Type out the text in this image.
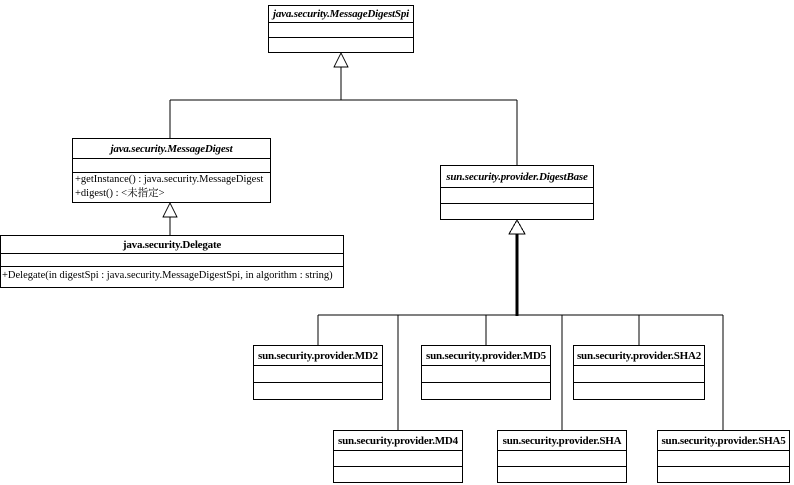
java.security.MessageDigestSpi
java.security.MessageDigest
+getInstance() : java.security.MessageDigest
+digest() : <未指定>
sun.security.provider.DigestBase
java.security.Delegate
+Delegate(in digestSpi : java.security.MessageDigestSpi, in algorithm : string)
sun.security.provider.MD2	sun.security.provider.MD5	sun.security.provider.SHA2
sun.security.provider.MD4	sun.security.provider.SHA	sun.security.provider.SHA5
